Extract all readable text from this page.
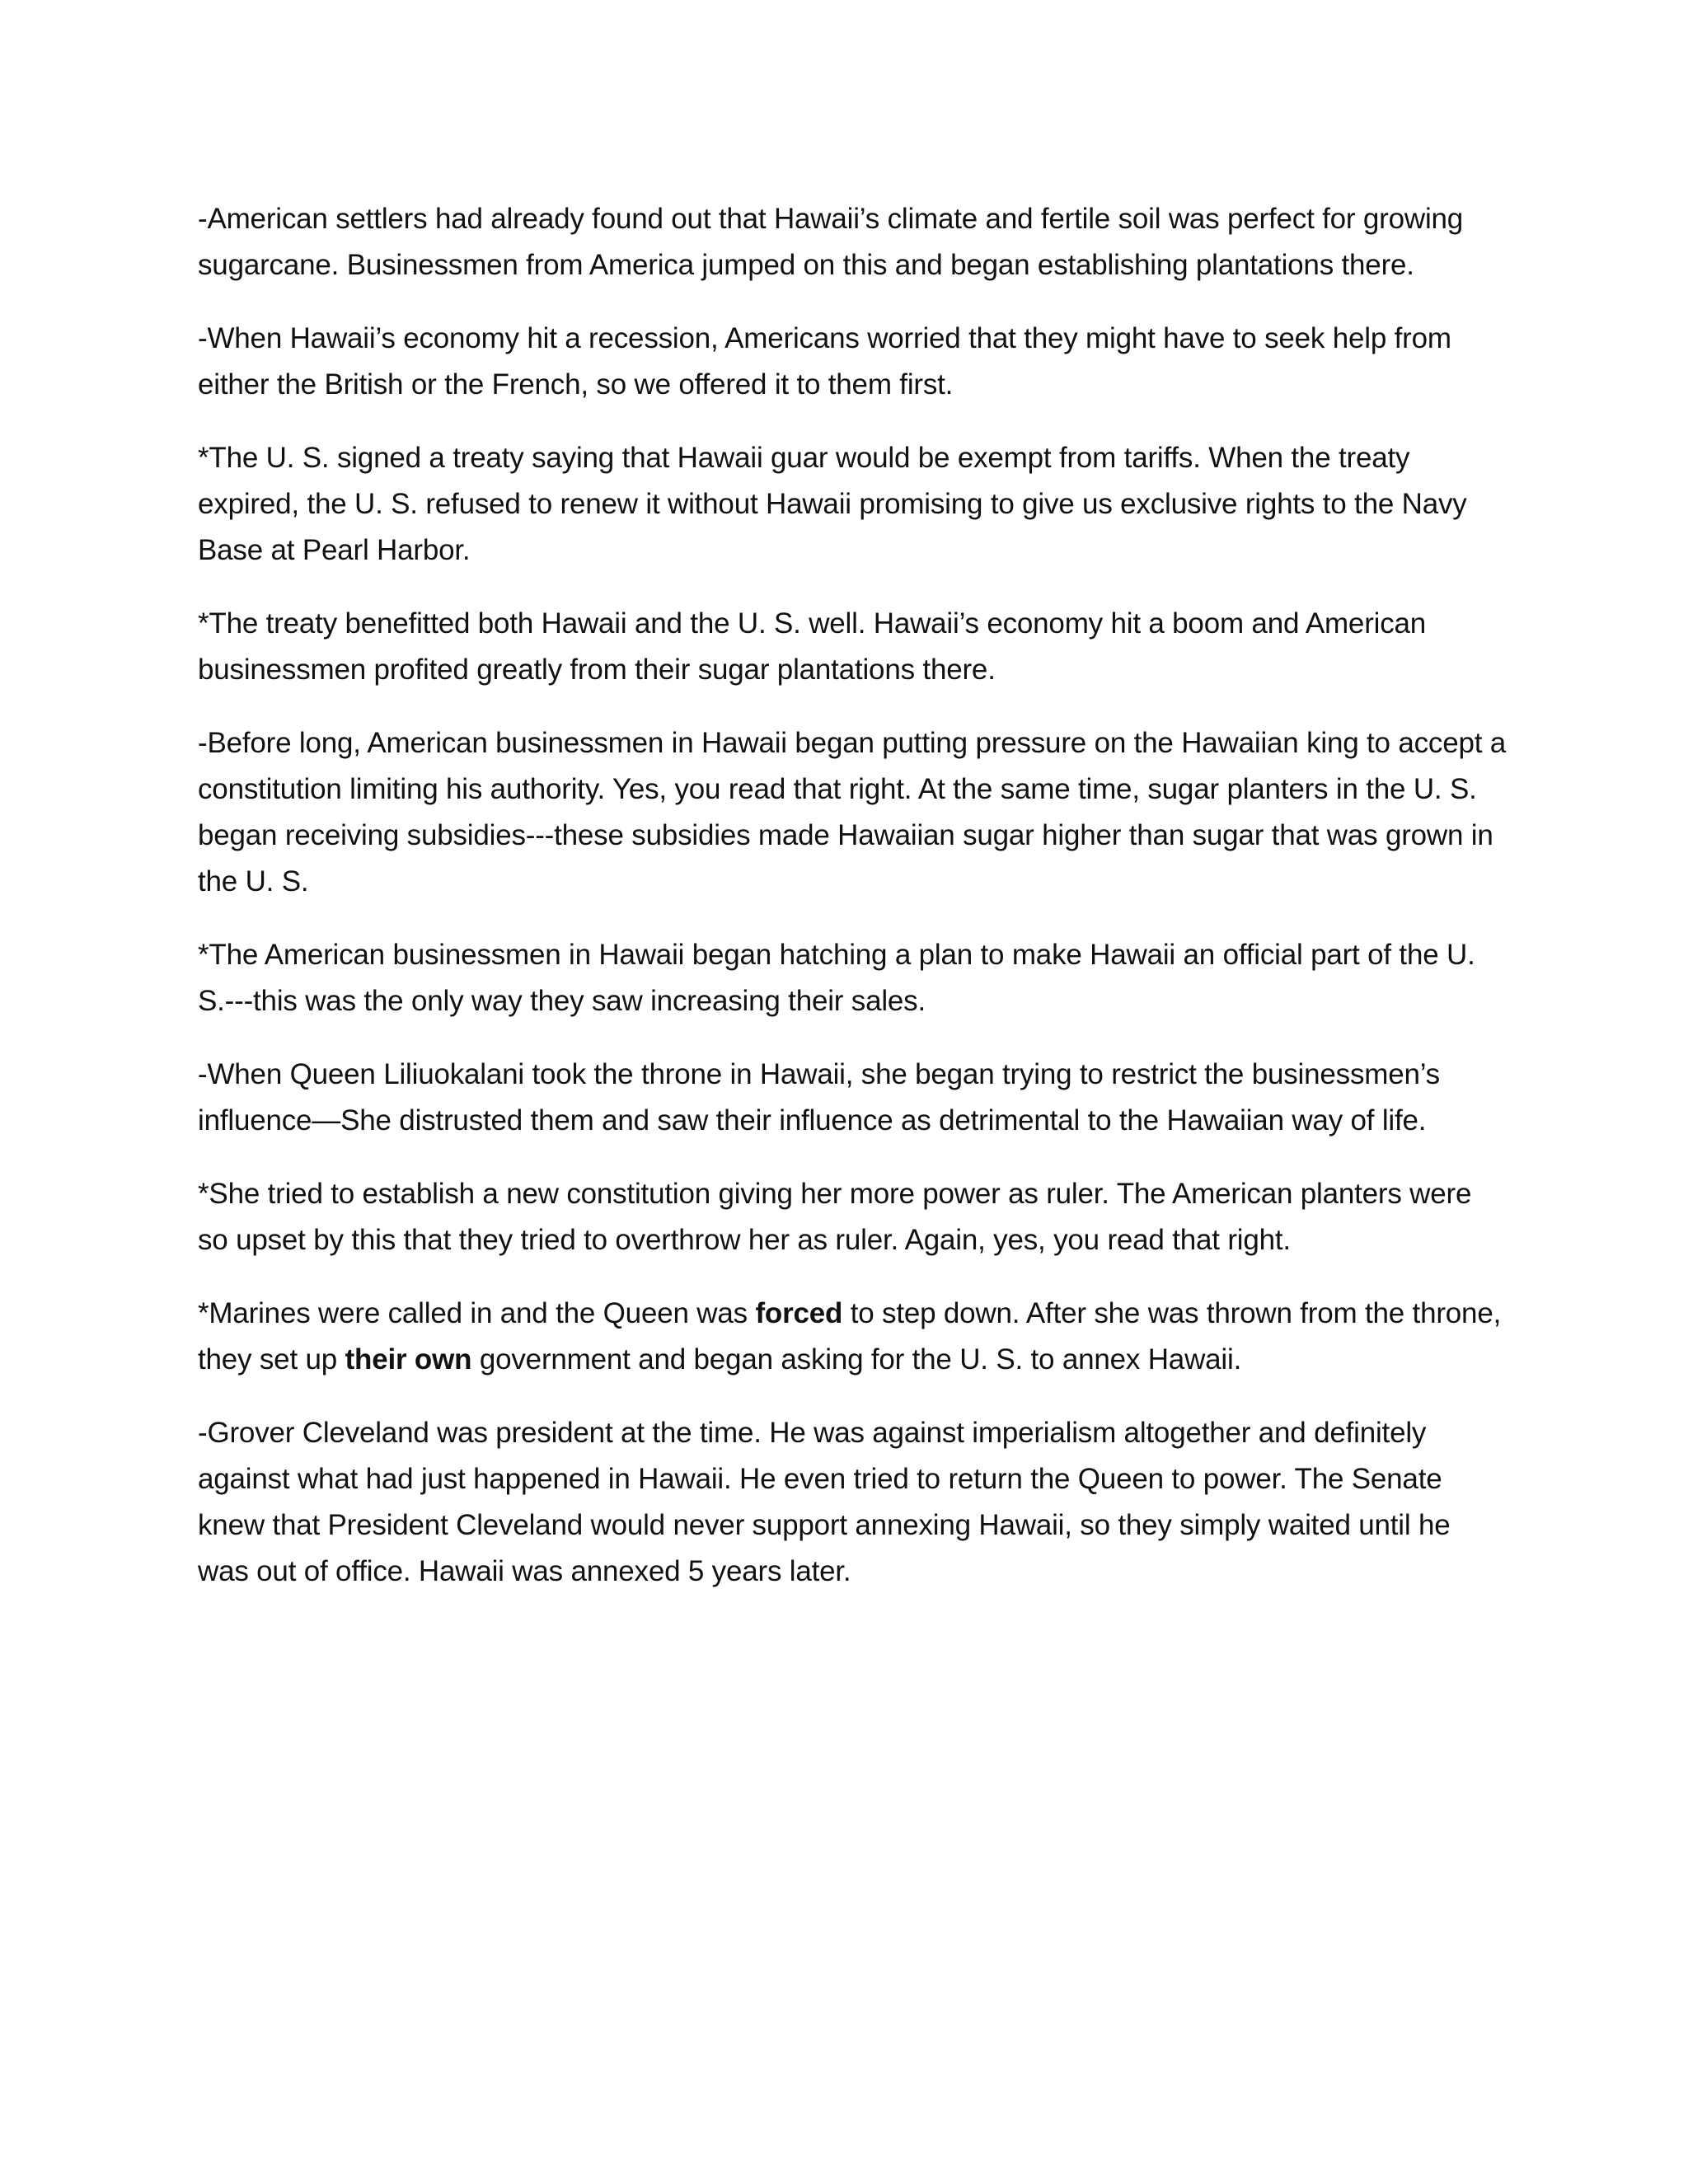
-American settlers had already found out that Hawaii’s climate and fertile soil was perfect for growing sugarcane. Businessmen from America jumped on this and began establishing plantations there.

-When Hawaii’s economy hit a recession, Americans worried that they might have to seek help from either the British or the French, so we offered it to them first.

*The U. S. signed a treaty saying that Hawaii guar would be exempt from tariffs. When the treaty expired, the U. S. refused to renew it without Hawaii promising to give us exclusive rights to the Navy Base at Pearl Harbor.

*The treaty benefitted both Hawaii and the U. S. well. Hawaii’s economy hit a boom and American businessmen profited greatly from their sugar plantations there.

-Before long, American businessmen in Hawaii began putting pressure on the Hawaiian king to accept a constitution limiting his authority. Yes, you read that right. At the same time, sugar planters in the U. S. began receiving subsidies---these subsidies made Hawaiian sugar higher than sugar that was grown in the U. S.

*The American businessmen in Hawaii began hatching a plan to make Hawaii an official part of the U. S.---this was the only way they saw increasing their sales.

-When Queen Liliuokalani took the throne in Hawaii, she began trying to restrict the businessmen’s influence—She distrusted them and saw their influence as detrimental to the Hawaiian way of life.

*She tried to establish a new constitution giving her more power as ruler. The American planters were so upset by this that they tried to overthrow her as ruler. Again, yes, you read that right.

*Marines were called in and the Queen was forced to step down. After she was thrown from the throne, they set up their own government and began asking for the U. S. to annex Hawaii.

-Grover Cleveland was president at the time. He was against imperialism altogether and definitely against what had just happened in Hawaii. He even tried to return the Queen to power. The Senate knew that President Cleveland would never support annexing Hawaii, so they simply waited until he was out of office. Hawaii was annexed 5 years later.
